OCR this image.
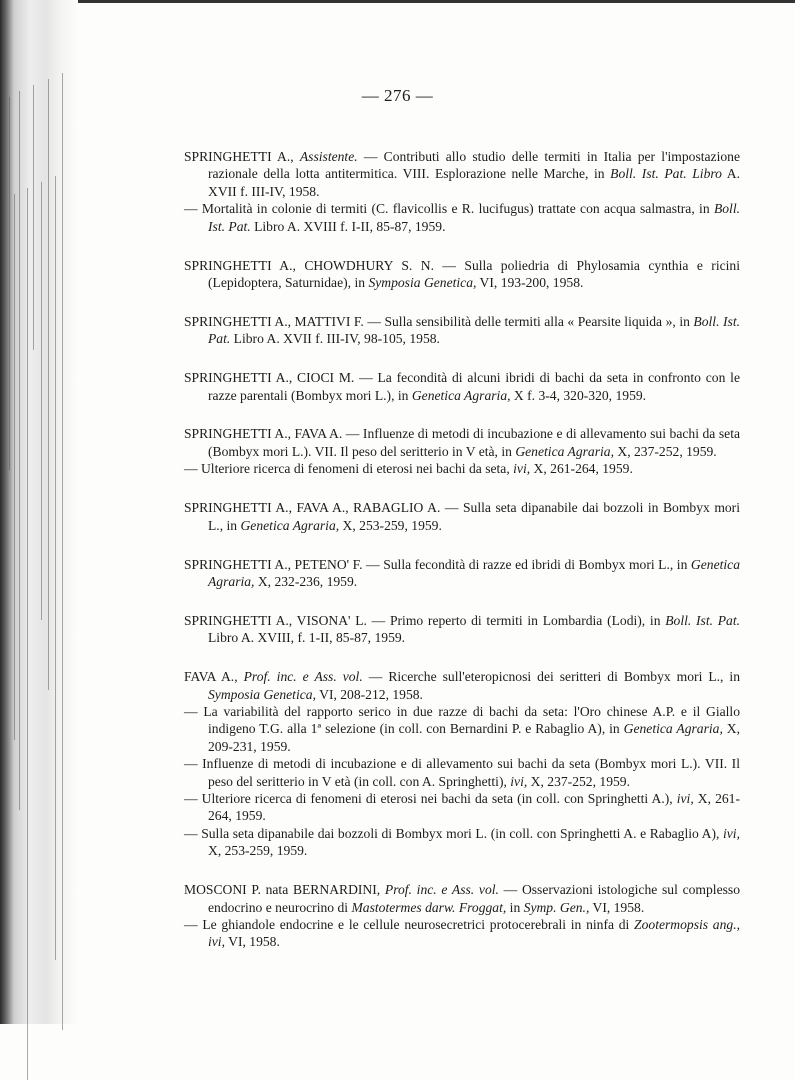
— 276 —

SPRINGHETTI A., Assistente. — Contributi allo studio delle termiti in Italia per l'impostazione razionale della lotta antitermitica. VIII. Esplorazione nelle Marche, in Boll. Ist. Pat. Libro A. XVII f. III-IV, 1958.

— Mortalità in colonie di termiti (C. flavicollis e R. lucifugus) trattate con acqua salmastra, in Boll. Ist. Pat. Libro A. XVIII f. I-II, 85-87, 1959.

SPRINGHETTI A., CHOWDHURY S. N. — Sulla poliedria di Phylosamia cynthia e ricini (Lepidoptera, Saturnidae), in Symposia Genetica, VI, 193-200, 1958.

SPRINGHETTI A., MATTIVI F. — Sulla sensibilità delle termiti alla « Pearsite liquida », in Boll. Ist. Pat. Libro A. XVII f. III-IV, 98-105, 1958.

SPRINGHETTI A., CIOCI M. — La fecondità di alcuni ibridi di bachi da seta in confronto con le razze parentali (Bombyx mori L.), in Genetica Agraria, X f. 3-4, 320-320, 1959.

SPRINGHETTI A., FAVA A. — Influenze di metodi di incubazione e di allevamento sui bachi da seta (Bombyx mori L.). VII. Il peso del seritterio in V età, in Genetica Agraria, X, 237-252, 1959.

— Ulteriore ricerca di fenomeni di eterosi nei bachi da seta, ivi, X, 261-264, 1959.

SPRINGHETTI A., FAVA A., RABAGLIO A. — Sulla seta dipanabile dai bozzoli in Bombyx mori L., in Genetica Agraria, X, 253-259, 1959.

SPRINGHETTI A., PETENO' F. — Sulla fecondità di razze ed ibridi di Bombyx mori L., in Genetica Agraria, X, 232-236, 1959.

SPRINGHETTI A., VISONA' L. — Primo reperto di termiti in Lombardia (Lodi), in Boll. Ist. Pat. Libro A. XVIII, f. 1-II, 85-87, 1959.

FAVA A., Prof. inc. e Ass. vol. — Ricerche sull'eteropicnosi dei seritteri di Bombyx mori L., in Symposia Genetica, VI, 208-212, 1958.

— La variabilità del rapporto serico in due razze di bachi da seta: l'Oro chinese A.P. e il Giallo indigeno T.G. alla 1ª selezione (in coll. con Bernardini P. e Rabaglio A), in Genetica Agraria, X, 209-231, 1959.

— Influenze di metodi di incubazione e di allevamento sui bachi da seta (Bombyx mori L.). VII. Il peso del seritterio in V età (in coll. con A. Springhetti), ivi, X, 237-252, 1959.

— Ulteriore ricerca di fenomeni di eterosi nei bachi da seta (in coll. con Springhetti A.), ivi, X, 261-264, 1959.

— Sulla seta dipanabile dai bozzoli di Bombyx mori L. (in coll. con Springhetti A. e Rabaglio A), ivi, X, 253-259, 1959.

MOSCONI P. nata BERNARDINI, Prof. inc. e Ass. vol. — Osservazioni istologiche sul complesso endocrino e neurocrino di Mastotermes darw. Froggat, in Symp. Gen., VI, 1958.

— Le ghiandole endocrine e le cellule neurosecretrici protocerebrali in ninfa di Zootermopsis ang., ivi, VI, 1958.
